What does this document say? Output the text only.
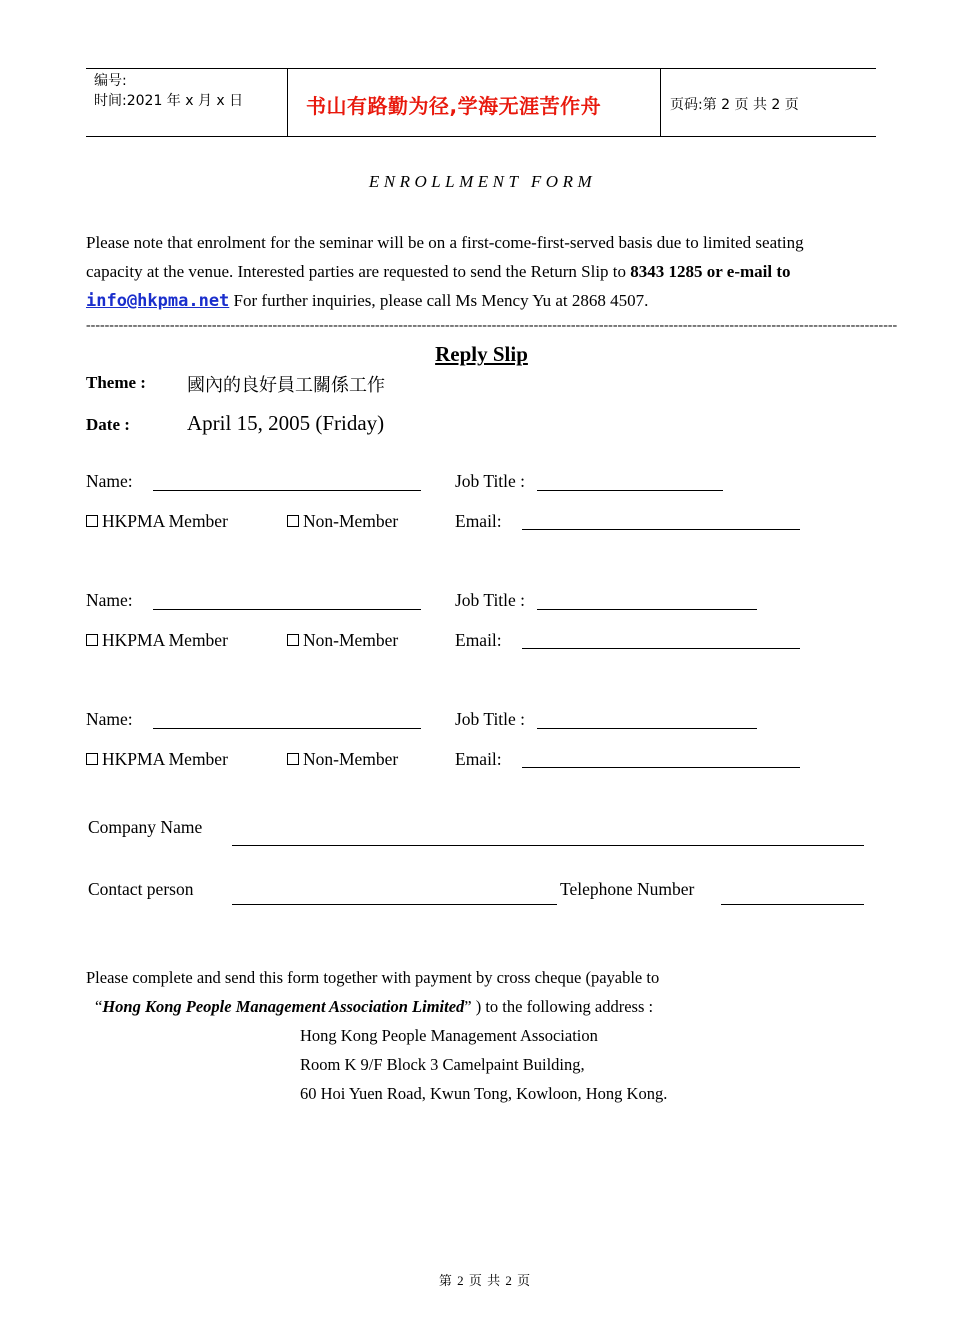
编号:
时间:2021 年 x 月 x 日	书山有路勤为径,学海无涯苦作舟	页码:第 2 页 共 2 页
ENROLLMENT FORM
Please note that enrolment for the seminar will be on a first-come-first-served basis due to limited seating capacity at the venue. Interested parties are requested to send the Return Slip to 8343 1285 or e-mail to info@hkpma.net For further inquiries, please call Ms Mency Yu at 2868 4507.
------------------------------------------------------------------------------------------------------------------------------------------------------------------------------
Reply Slip
Theme : 國內的良好員工關係工作
Date :	April 15, 2005 (Friday)
Name:	Job Title :
HKPMA Member	Non-Member	Email:
Name:	Job Title :
HKPMA Member	Non-Member	Email:
Name:	Job Title :
HKPMA Member	Non-Member	Email:
Company Name
Contact person	Telephone Number
Please complete and send this form together with payment by cross cheque (payable to
“Hong Kong People Management Association Limited” ) to the following address :
Hong Kong People Management Association
Room K 9/F Block 3 Camelpaint Building,
60 Hoi Yuen Road, Kwun Tong, Kowloon, Hong Kong.
第 2 页 共 2 页
